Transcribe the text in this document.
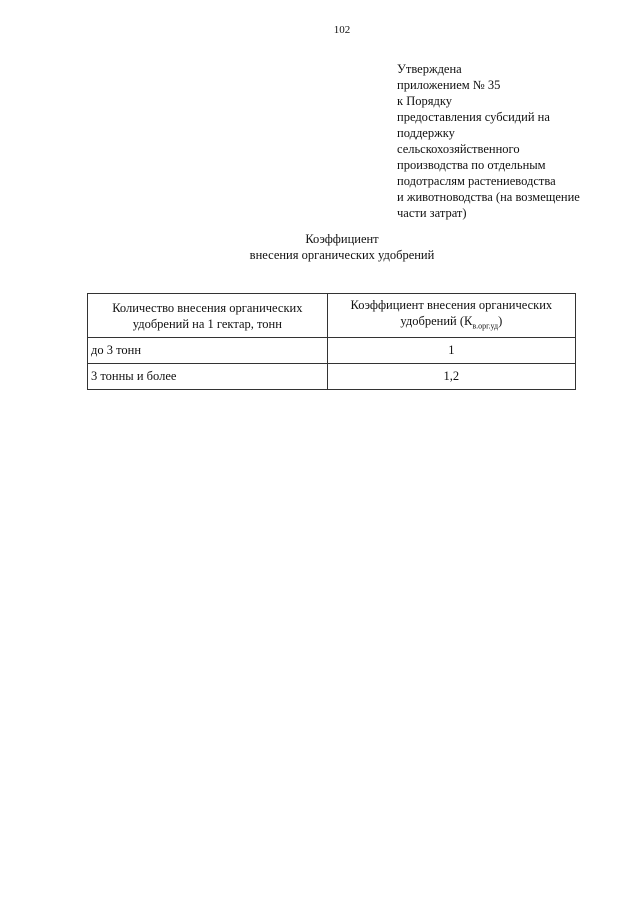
102
Утверждена
приложением № 35
к Порядку
предоставления субсидий на
поддержку
сельскохозяйственного
производства по отдельным
подотраслям растениеводства
и животноводства (на возмещение
части затрат)
Коэффициент
внесения органических удобрений
Количество внесения органических удобрений на 1 гектар, тонн	Коэффициент внесения органических удобрений $(К_{в.орг.уд})$
до 3 тонн	1
3 тонны и более	1,2
